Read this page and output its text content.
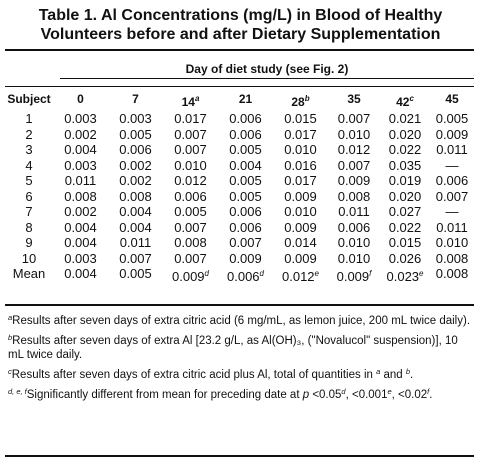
Table 1. Al Concentrations (mg/L) in Blood of Healthy
Volunteers before and after Dietary Supplementation
Day of diet study (see Fig. 2)
Subject	0	7	14$^a$	21	28$^b$	35	42$^c$	45
1	0.003	0.003	0.017	0.006	0.015	0.007	0.021	0.005
2	0.002	0.005	0.007	0.006	0.017	0.010	0.020	0.009
3	0.004	0.006	0.007	0.005	0.010	0.012	0.022	0.011
4	0.003	0.002	0.010	0.004	0.016	0.007	0.035	—
5	0.011	0.002	0.012	0.005	0.017	0.009	0.019	0.006
6	0.008	0.008	0.006	0.005	0.009	0.008	0.020	0.007
7	0.002	0.004	0.005	0.006	0.010	0.011	0.027	—
8	0.004	0.004	0.007	0.006	0.009	0.006	0.022	0.011
9	0.004	0.011	0.008	0.007	0.014	0.010	0.015	0.010
10	0.003	0.007	0.007	0.009	0.009	0.010	0.026	0.008
Mean	0.004	0.005	0.009$^d$	0.006$^d$	0.012e	0.009$^f$	0.023e 0.008
$^a$Results after seven days of extra citric acid (6 mg/mL, as lemon juice, 200 mL twice daily).
$^b$Results after seven days of extra Al [23.2 g/L, as Al(OH)₃, ("Novalucol" suspension)], 10 mL twice daily.
$^c$Results after seven days of extra citric acid plus Al, total of quantities in $^a$ and $^b$.
$^{d, e, f}$Significantly different from mean for preceding date at p <0.05$^d$, <0.001$^e$, <0.02$^f$.
